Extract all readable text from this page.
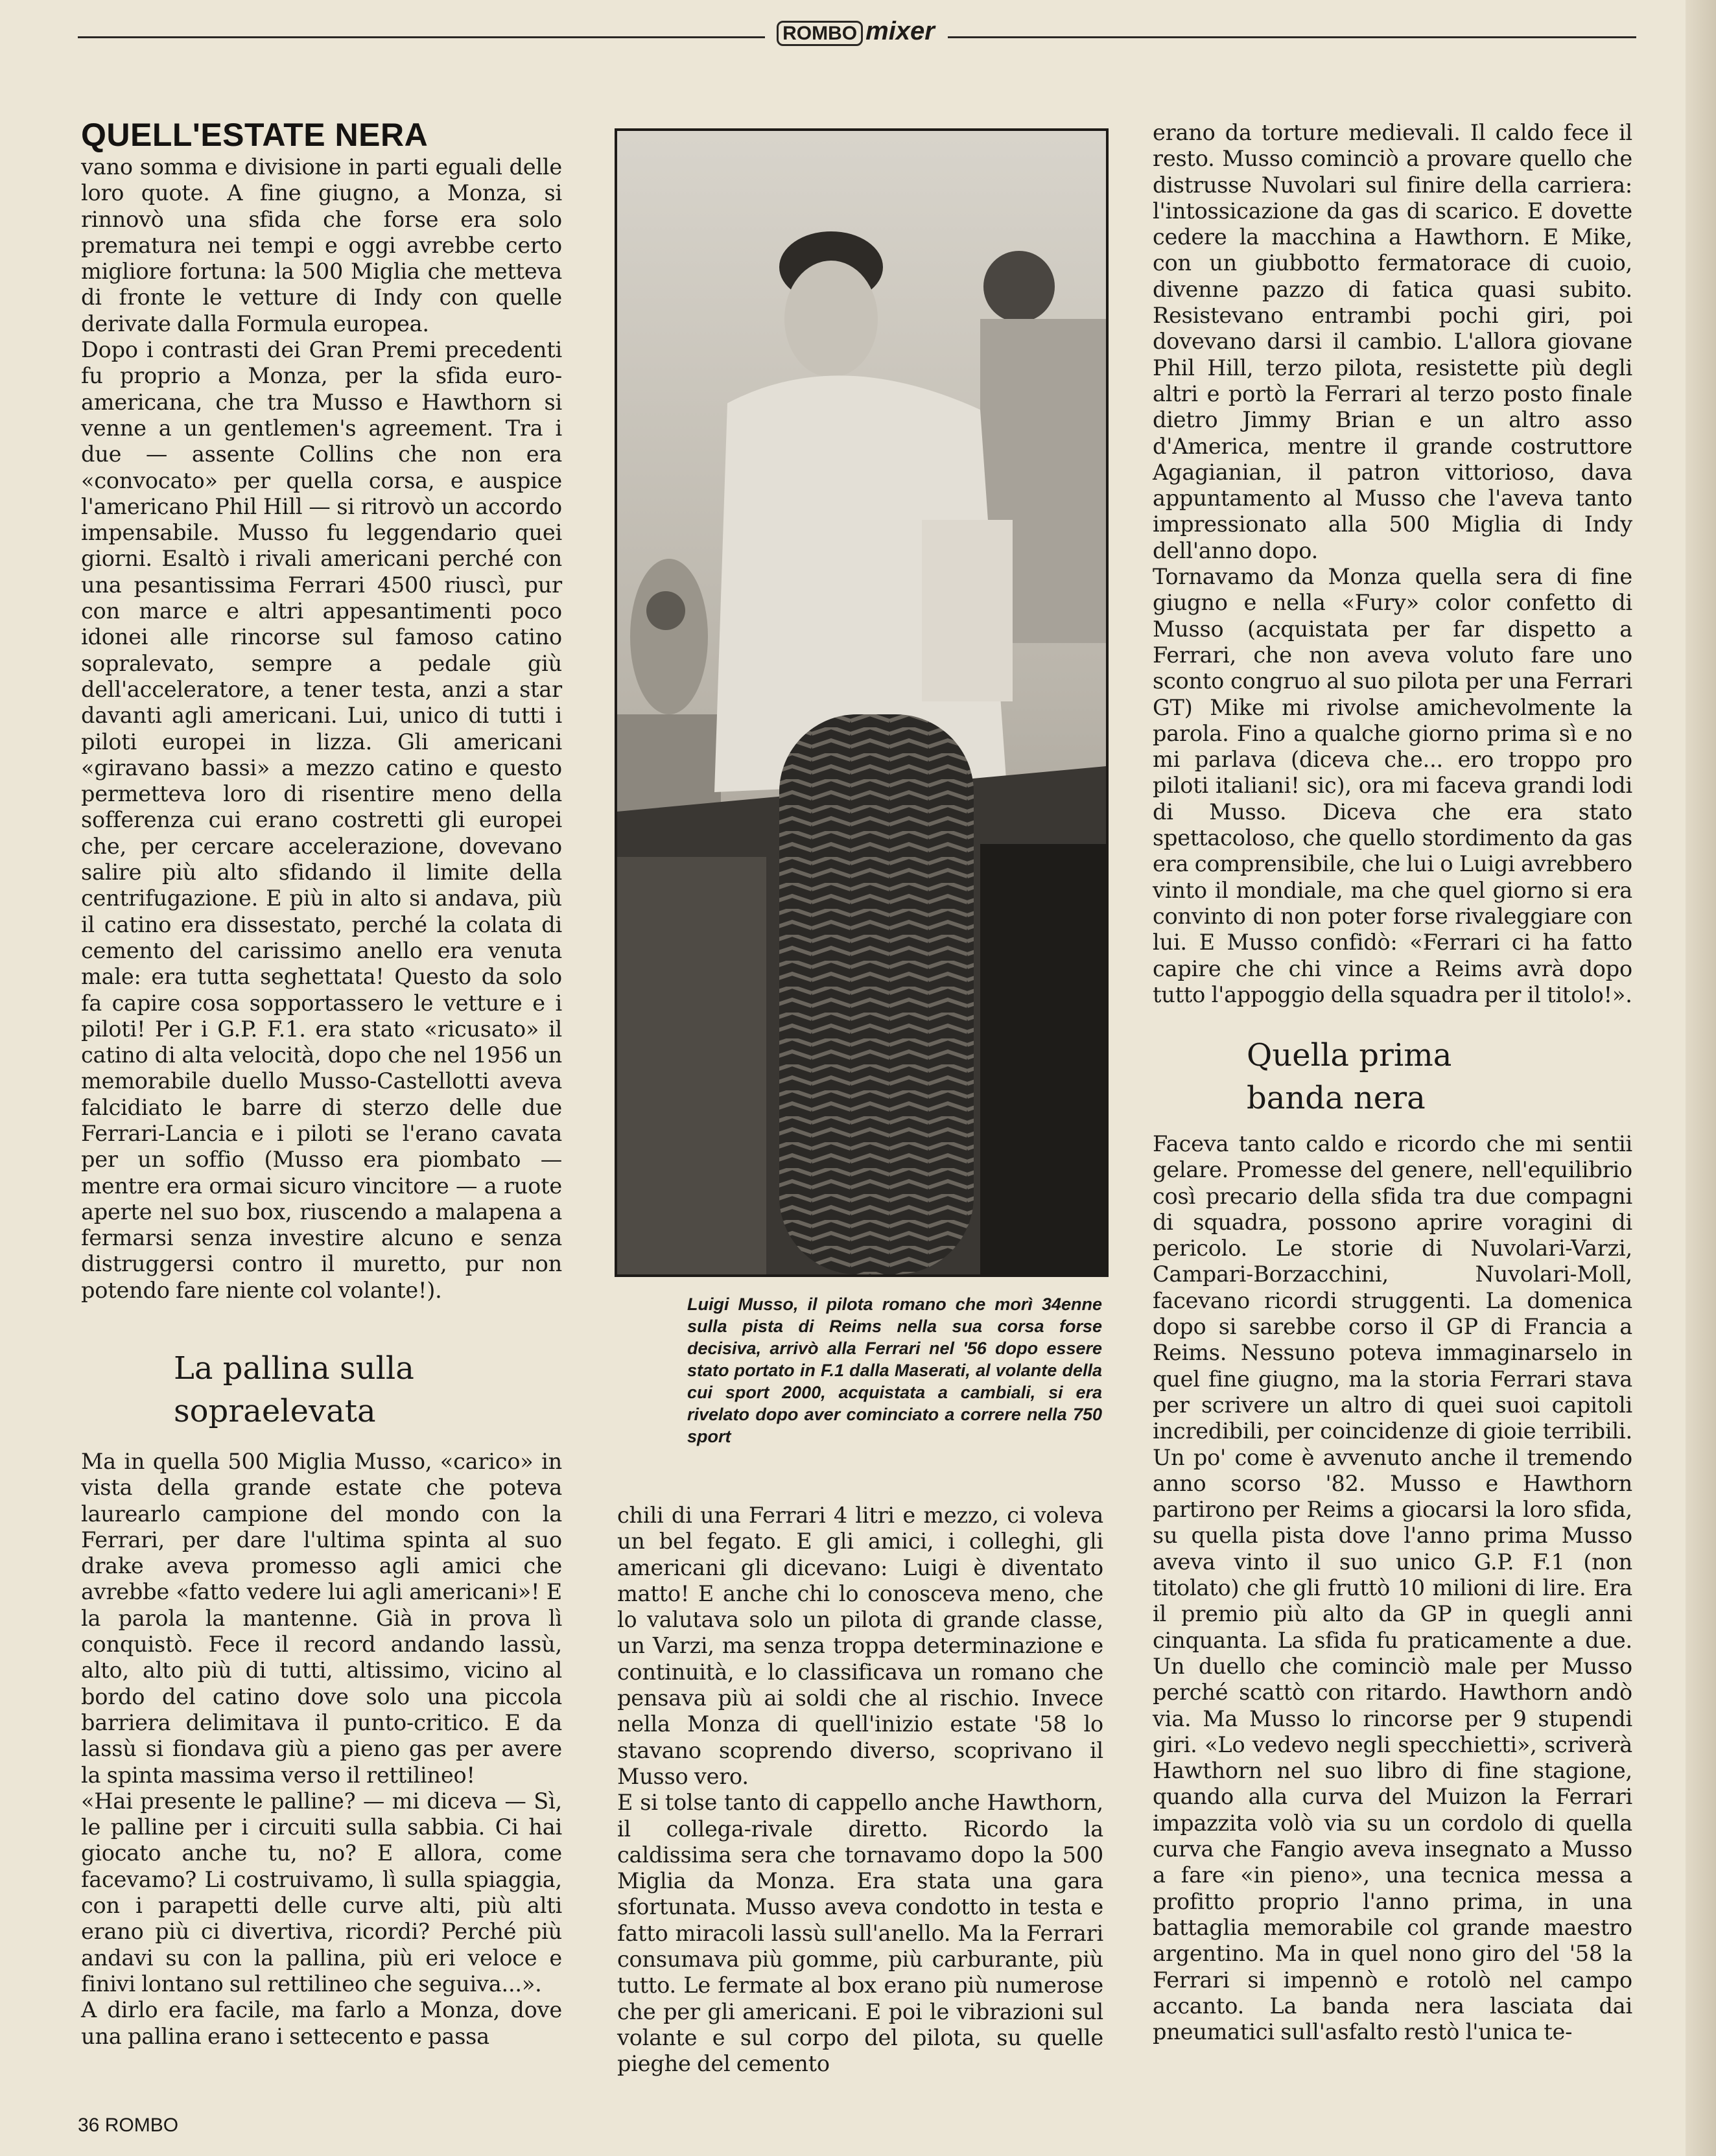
ROMBO mixer
QUELL'ESTATE NERA

vano somma e divisione in parti eguali delle loro quote. A fine giugno, a Monza, si rinnovò una sfida che forse era solo prematura nei tempi e oggi avrebbe certo migliore fortuna: la 500 Miglia che metteva di fronte le vetture di Indy con quelle derivate dalla Formula europea.

Dopo i contrasti dei Gran Premi precedenti fu proprio a Monza, per la sfida euro-americana, che tra Musso e Hawthorn si venne a un gentlemen's agreement. Tra i due — assente Collins che non era «convocato» per quella corsa, e auspice l'americano Phil Hill — si ritrovò un accordo impensabile. Musso fu leggendario quei giorni. Esaltò i rivali americani perché con una pesantissima Ferrari 4500 riuscì, pur con marce e altri appesantimenti poco idonei alle rincorse sul famoso catino sopralevato, sempre a pedale giù dell'acceleratore, a tener testa, anzi a star davanti agli americani. Lui, unico di tutti i piloti europei in lizza. Gli americani «giravano bassi» a mezzo catino e questo permetteva loro di risentire meno della sofferenza cui erano costretti gli europei che, per cercare accelerazione, dovevano salire più alto sfidando il limite della centrifugazione. E più in alto si andava, più il catino era dissestato, perché la colata di cemento del carissimo anello era venuta male: era tutta seghettata! Questo da solo fa capire cosa sopportassero le vetture e i piloti! Per i G.P. F.1. era stato «ricusato» il catino di alta velocità, dopo che nel 1956 un memorabile duello Musso-Castellotti aveva falcidiato le barre di sterzo delle due Ferrari-Lancia e i piloti se l'erano cavata per un soffio (Musso era piombato — mentre era ormai sicuro vincitore — a ruote aperte nel suo box, riuscendo a malapena a fermarsi senza investire alcuno e senza distruggersi contro il muretto, pur non potendo fare niente col volante!).

La pallina sulla
sopraelevata

Ma in quella 500 Miglia Musso, «carico» in vista della grande estate che poteva laurearlo campione del mondo con la Ferrari, per dare l'ultima spinta al suo drake aveva promesso agli amici che avrebbe «fatto vedere lui agli americani»! E la parola la mantenne. Già in prova lì conquistò. Fece il record andando lassù, alto, alto più di tutti, altissimo, vicino al bordo del catino dove solo una piccola barriera delimitava il punto-critico. E da lassù si fiondava giù a pieno gas per avere la spinta massima verso il rettilineo!

«Hai presente le palline? — mi diceva — Sì, le palline per i circuiti sulla sabbia. Ci hai giocato anche tu, no? E allora, come facevamo? Li costruivamo, lì sulla spiaggia, con i parapetti delle curve alti, più alti erano più ci divertiva, ricordi? Perché più andavi su con la pallina, più eri veloce e finivi lontano sul rettilineo che seguiva...».

A dirlo era facile, ma farlo a Monza, dove una pallina erano i settecento e passa

Luigi Musso, il pilota romano che morì 34enne sulla pista di Reims nella sua corsa forse decisiva, arrivò alla Ferrari nel '56 dopo essere stato portato in F.1 dalla Maserati, al volante della cui sport 2000, acquistata a cambiali, si era rivelato dopo aver cominciato a correre nella 750 sport

chili di una Ferrari 4 litri e mezzo, ci voleva un bel fegato. E gli amici, i colleghi, gli americani gli dicevano: Luigi è diventato matto! E anche chi lo conosceva meno, che lo valutava solo un pilota di grande classe, un Varzi, ma senza troppa determinazione e continuità, e lo classificava un romano che pensava più ai soldi che al rischio. Invece nella Monza di quell'inizio estate '58 lo stavano scoprendo diverso, scoprivano il Musso vero.

E si tolse tanto di cappello anche Hawthorn, il collega-rivale diretto. Ricordo la caldissima sera che tornavamo dopo la 500 Miglia da Monza. Era stata una gara sfortunata. Musso aveva condotto in testa e fatto miracoli lassù sull'anello. Ma la Ferrari consumava più gomme, più carburante, più tutto. Le fermate al box erano più numerose che per gli americani. E poi le vibrazioni sul volante e sul corpo del pilota, su quelle pieghe del cemento

erano da torture medievali. Il caldo fece il resto. Musso cominciò a provare quello che distrusse Nuvolari sul finire della carriera: l'intossicazione da gas di scarico. E dovette cedere la macchina a Hawthorn. E Mike, con un giubbotto fermatorace di cuoio, divenne pazzo di fatica quasi subito. Resistevano entrambi pochi giri, poi dovevano darsi il cambio. L'allora giovane Phil Hill, terzo pilota, resistette più degli altri e portò la Ferrari al terzo posto finale dietro Jimmy Brian e un altro asso d'America, mentre il grande costruttore Agagianian, il patron vittorioso, dava appuntamento al Musso che l'aveva tanto impressionato alla 500 Miglia di Indy dell'anno dopo.

Tornavamo da Monza quella sera di fine giugno e nella «Fury» color confetto di Musso (acquistata per far dispetto a Ferrari, che non aveva voluto fare uno sconto congruo al suo pilota per una Ferrari GT) Mike mi rivolse amichevolmente la parola. Fino a qualche giorno prima sì e no mi parlava (diceva che... ero troppo pro piloti italiani! sic), ora mi faceva grandi lodi di Musso. Diceva che era stato spettacoloso, che quello stordimento da gas era comprensibile, che lui o Luigi avrebbero vinto il mondiale, ma che quel giorno si era convinto di non poter forse rivaleggiare con lui. E Musso confidò: «Ferrari ci ha fatto capire che chi vince a Reims avrà dopo tutto l'appoggio della squadra per il titolo!».

Quella prima
banda nera

Faceva tanto caldo e ricordo che mi sentii gelare. Promesse del genere, nell'equilibrio così precario della sfida tra due compagni di squadra, possono aprire voragini di pericolo. Le storie di Nuvolari-Varzi, Campari-Borzacchini, Nuvolari-Moll, facevano ricordi struggenti. La domenica dopo si sarebbe corso il GP di Francia a Reims. Nessuno poteva immaginarselo in quel fine giugno, ma la storia Ferrari stava per scrivere un altro di quei suoi capitoli incredibili, per coincidenze di gioie terribili. Un po' come è avvenuto anche il tremendo anno scorso '82. Musso e Hawthorn partirono per Reims a giocarsi la loro sfida, su quella pista dove l'anno prima Musso aveva vinto il suo unico G.P. F.1 (non titolato) che gli fruttò 10 milioni di lire. Era il premio più alto da GP in quegli anni cinquanta. La sfida fu praticamente a due. Un duello che cominciò male per Musso perché scattò con ritardo. Hawthorn andò via. Ma Musso lo rincorse per 9 stupendi giri. «Lo vedevo negli specchietti», scriverà Hawthorn nel suo libro di fine stagione, quando alla curva del Muizon la Ferrari impazzita volò via su un cordolo di quella curva che Fangio aveva insegnato a Musso a fare «in pieno», una tecnica messa a profitto proprio l'anno prima, in una battaglia memorabile col grande maestro argentino. Ma in quel nono giro del '58 la Ferrari si impennò e rotolò nel campo accanto. La banda nera lasciata dai pneumatici sull'asfalto restò l'unica te-

36 ROMBO
